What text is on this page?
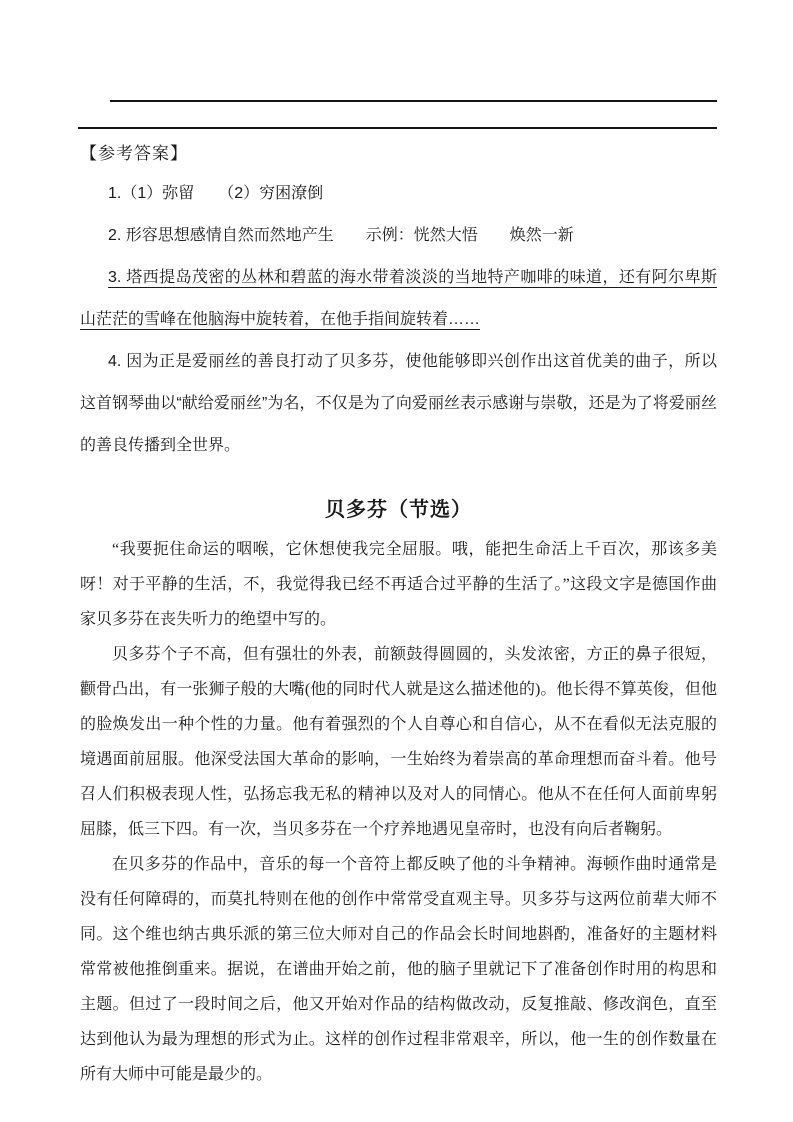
【参考答案】

1.（1）弥留　　（2）穷困潦倒

2. 形容思想感情自然而然地产生　　示例：恍然大悟　　焕然一新

3. 塔西提岛茂密的丛林和碧蓝的海水带着淡淡的当地特产咖啡的味道，还有阿尔卑斯山茫茫的雪峰在他脑海中旋转着，在他手指间旋转着……

4. 因为正是爱丽丝的善良打动了贝多芬，使他能够即兴创作出这首优美的曲子，所以这首钢琴曲以“献给爱丽丝”为名，不仅是为了向爱丽丝表示感谢与崇敬，还是为了将爱丽丝的善良传播到全世界。

贝多芬（节选）

“我要扼住命运的咽喉，它休想使我完全屈服。哦，能把生命活上千百次，那该多美呀！对于平静的生活，不，我觉得我已经不再适合过平静的生活了。”这段文字是德国作曲家贝多芬在丧失听力的绝望中写的。

贝多芬个子不高，但有强壮的外表，前额鼓得圆圆的，头发浓密，方正的鼻子很短，颧骨凸出，有一张狮子般的大嘴(他的同时代人就是这么描述他的)。他长得不算英俊，但他的脸焕发出一种个性的力量。他有着强烈的个人自尊心和自信心，从不在看似无法克服的境遇面前屈服。他深受法国大革命的影响，一生始终为着崇高的革命理想而奋斗着。他号召人们积极表现人性，弘扬忘我无私的精神以及对人的同情心。他从不在任何人面前卑躬屈膝，低三下四。有一次，当贝多芬在一个疗养地遇见皇帝时，也没有向后者鞠躬。

在贝多芬的作品中，音乐的每一个音符上都反映了他的斗争精神。海顿作曲时通常是没有任何障碍的，而莫扎特则在他的创作中常常受直观主导。贝多芬与这两位前辈大师不同。这个维也纳古典乐派的第三位大师对自己的作品会长时间地斟酌，准备好的主题材料常常被他推倒重来。据说，在谱曲开始之前，他的脑子里就记下了准备创作时用的构思和主题。但过了一段时间之后，他又开始对作品的结构做改动，反复推敲、修改润色，直至达到他认为最为理想的形式为止。这样的创作过程非常艰辛，所以，他一生的创作数量在所有大师中可能是最少的。
